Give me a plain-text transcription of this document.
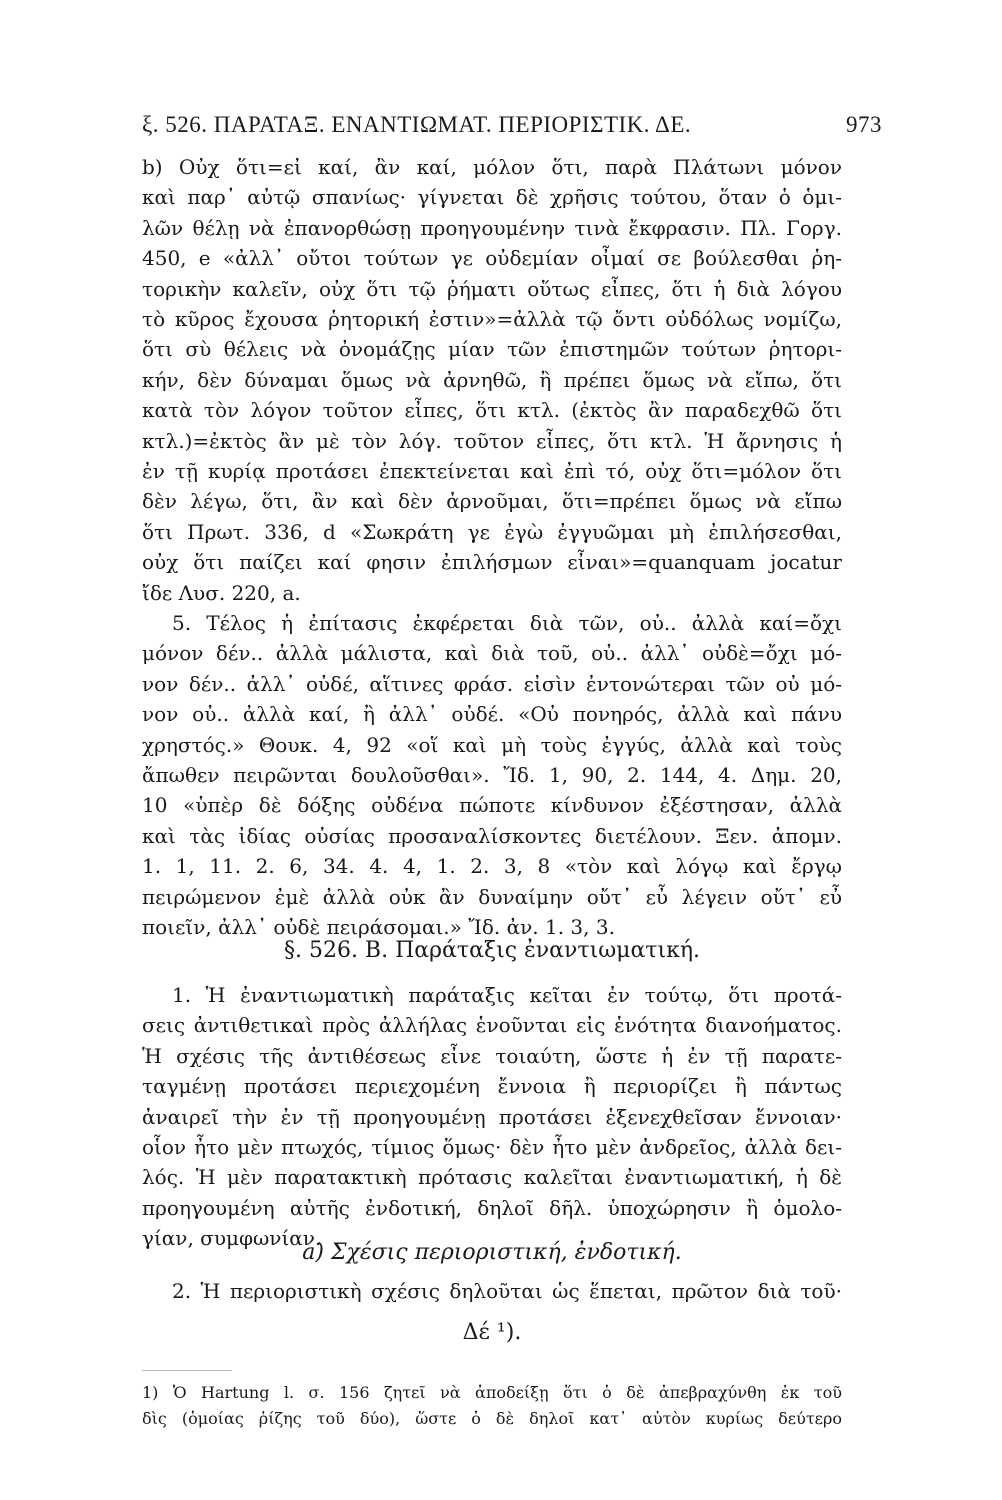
ξ. 526. ΠΑΡΑΤΑΞ. ΕΝΑΝΤΙΩΜΑΤ. ΠΕΡΙΟΡΙΣΤΙΚ. ΔΕ.	973
b) Οὐχ ὅτι=εἰ καί, ἂν καί, μόλον ὅτι, παρὰ Πλάτωνι μόνον
καὶ παρ᾽ αὐτῷ σπανίως· γίγνεται δὲ χρῆσις τούτου, ὅταν ὁ ὁμι-
λῶν θέλῃ νὰ ἐπανορθώσῃ προηγουμένην τινὰ ἔκφρασιν. Πλ. Γοργ.
450, e «ἀλλ᾽ οὔτοι τούτων γε οὐδεμίαν οἶμαί σε βούλεσθαι ῥη-
τορικὴν καλεῖν, οὐχ ὅτι τῷ ῥήματι οὕτως εἶπες, ὅτι ἡ διὰ λόγου
τὸ κῦρος ἔχουσα ῥητορική ἐστιν»=ἀλλὰ τῷ ὄντι οὐδόλως νομίζω,
ὅτι σὺ θέλεις νὰ ὀνομάζῃς μίαν τῶν ἐπιστημῶν τούτων ῥητορι-
κήν, δὲν δύναμαι ὅμως νὰ ἀρνηθῶ, ἢ πρέπει ὅμως νὰ εἴπω, ὅτι
κατὰ τὸν λόγον τοῦτον εἶπες, ὅτι κτλ. (ἐκτὸς ἂν παραδεχθῶ ὅτι
κτλ.)=ἐκτὸς ἂν μὲ τὸν λόγ. τοῦτον εἶπες, ὅτι κτλ. Ἡ ἄρνησις ἡ
ἐν τῇ κυρίᾳ προτάσει ἐπεκτείνεται καὶ ἐπὶ τό, οὐχ ὅτι=μόλον ὅτι
δὲν λέγω, ὅτι, ἂν καὶ δὲν ἀρνοῦμαι, ὅτι=πρέπει ὅμως νὰ εἴπω
ὅτι Πρωτ. 336, d «Σωκράτη γε ἐγὼ ἐγγυῶμαι μὴ ἐπιλήσεσθαι,
οὐχ ὅτι παίζει καί φησιν ἐπιλήσμων εἶναι»=quanquam jocatur
ἴδε Λυσ. 220, a.
5. Τέλος ἡ ἐπίτασις ἐκφέρεται διὰ τῶν, οὐ.. ἀλλὰ καί=ὄχι
μόνον δέν.. ἀλλὰ μάλιστα, καὶ διὰ τοῦ, οὐ.. ἀλλ᾽ οὐδὲ=ὄχι μό-
νον δέν.. ἀλλ᾽ οὐδέ, αἵτινες φράσ. εἰσὶν ἐντονώτεραι τῶν οὐ μό-
νον οὐ.. ἀλλὰ καί, ἢ ἀλλ᾽ οὐδέ. «Οὐ πονηρός, ἀλλὰ καὶ πάνυ
χρηστός.» Θουκ. 4, 92 «οἵ καὶ μὴ τοὺς ἐγγύς, ἀλλὰ καὶ τοὺς
ἄπωθεν πειρῶνται δουλοῦσθαι». Ἴδ. 1, 90, 2. 144, 4. Δημ. 20,
10 «ὑπὲρ δὲ δόξης οὐδένα πώποτε κίνδυνον ἐξέστησαν, ἀλλὰ
καὶ τὰς ἰδίας οὐσίας προσαναλίσκοντες διετέλουν. Ξεν. ἀπομν.
1. 1, 11. 2. 6, 34. 4. 4, 1. 2. 3, 8 «τὸν καὶ λόγῳ καὶ ἔργῳ
πειρώμενον ἐμὲ ἀλλὰ οὐκ ἂν δυναίμην οὔτ᾽ εὖ λέγειν οὔτ᾽ εὖ
ποιεῖν, ἀλλ᾽ οὐδὲ πειράσομαι.» Ἴδ. ἀν. 1. 3, 3.
§. 526. Β. Παράταξις ἐναντιωματική.
1. Ἡ ἐναντιωματικὴ παράταξις κεῖται ἐν τούτῳ, ὅτι προτά-
σεις ἀντιθετικαὶ πρὸς ἀλλήλας ἑνοῦνται εἰς ἑνότητα διανοήματος.
Ἡ σχέσις τῆς ἀντιθέσεως εἶνε τοιαύτη, ὥστε ἡ ἐν τῇ παρατε-
ταγμένῃ προτάσει περιεχομένη ἔννοια ἢ περιορίζει ἢ πάντως
ἀναιρεῖ τὴν ἐν τῇ προηγουμένῃ προτάσει ἐξενεχθεῖσαν ἔννοιαν·
οἷον ἦτο μὲν πτωχός, τίμιος ὅμως· δὲν ἦτο μὲν ἀνδρεῖος, ἀλλὰ δει-
λός. Ἡ μὲν παρατακτικὴ πρότασις καλεῖται ἐναντιωματική, ἡ δὲ
προηγουμένη αὐτῆς ἐνδοτική, δηλοῖ δῆλ. ὑποχώρησιν ἢ ὁμολο-
γίαν, συμφωνίαν.
a) Σχέσις περιοριστική, ἐνδοτική.
2. Ἡ περιοριστικὴ σχέσις δηλοῦται ὡς ἕπεται, πρῶτον διὰ τοῦ·
Δέ ¹).
1) Ὁ Hartung l. σ. 156 ζητεῖ νὰ ἀποδείξῃ ὅτι ὁ δὲ ἀπεβραχύνθη ἐκ τοῦ
δὶς (ὁμοίας ῥίζης τοῦ δύο), ὥστε ὁ δὲ δηλοῖ κατ᾽ αὐτὸν κυρίως δεύτερο
